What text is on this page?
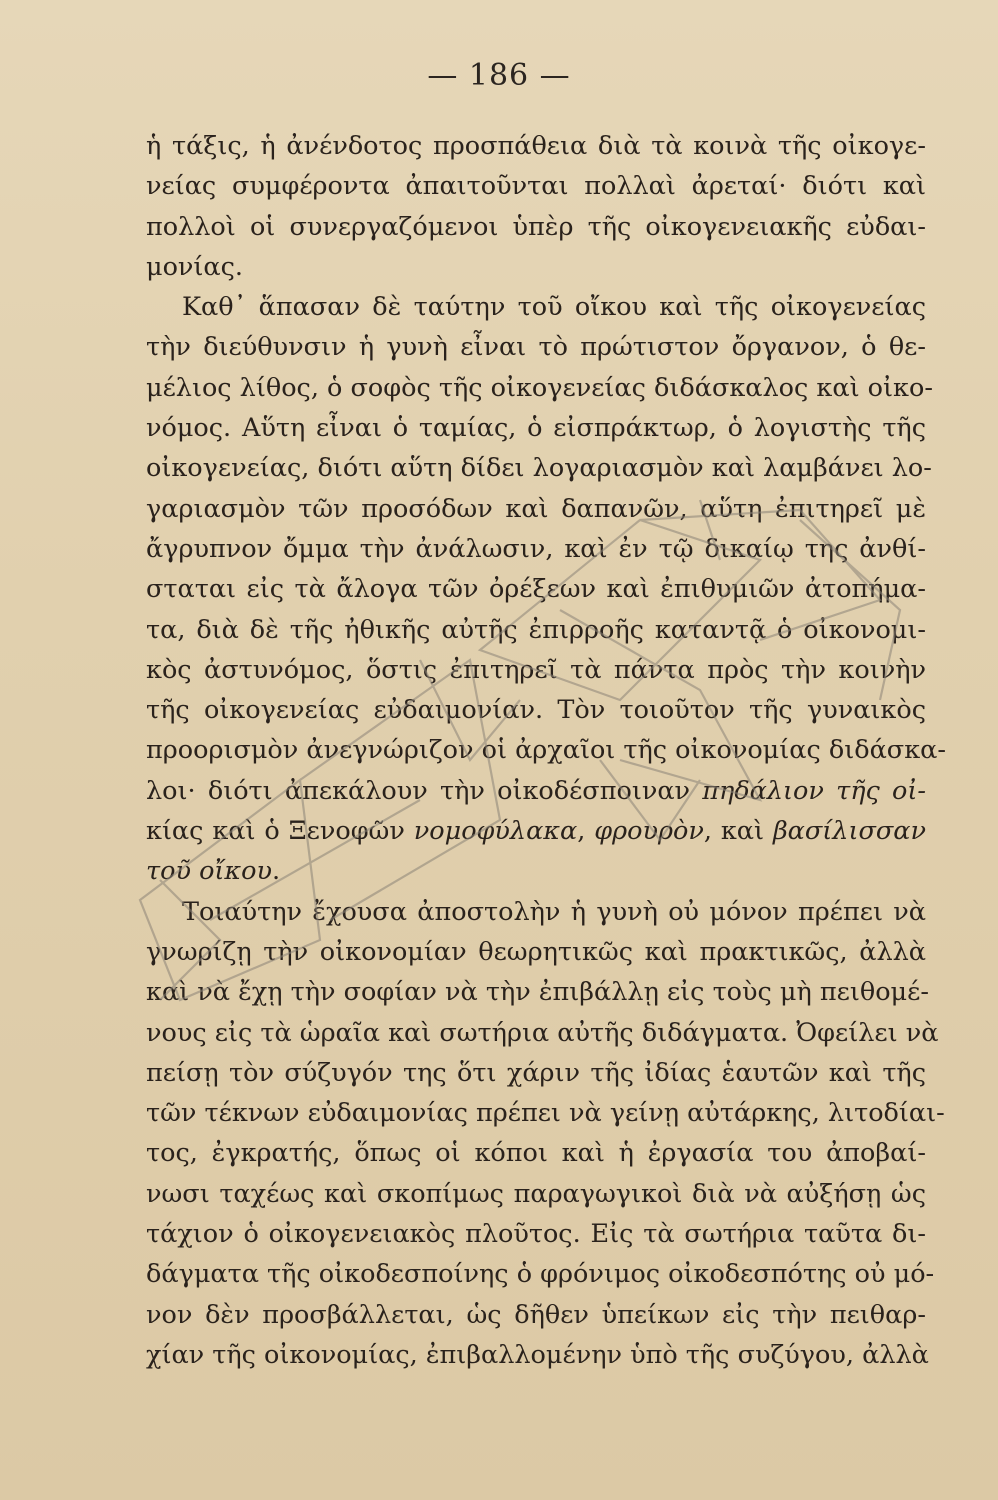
— 186 —
ἡ τάξις, ἡ ἀνένδοτος προσπάθεια διὰ τὰ κοινὰ τῆς οἰκογε-
νείας συμφέροντα ἀπαιτοῦνται πολλαὶ ἀρεταί· διότι καὶ
πολλοὶ οἱ συνεργαζόμενοι ὑπὲρ τῆς οἰκογενειακῆς εὐδαι-
μονίας.
Καθ᾽ ἅπασαν δὲ ταύτην τοῦ οἴκου καὶ τῆς οἰκογενείας
τὴν διεύθυνσιν ἡ γυνὴ εἶναι τὸ πρώτιστον ὄργανον, ὁ θε-
μέλιος λίθος, ὁ σοφὸς τῆς οἰκογενείας διδάσκαλος καὶ οἰκο-
νόμος. Αὕτη εἶναι ὁ ταμίας, ὁ εἰσπράκτωρ, ὁ λογιστὴς τῆς
οἰκογενείας, διότι αὕτη δίδει λογαριασμὸν καὶ λαμβάνει λο-
γαριασμὸν τῶν προσόδων καὶ δαπανῶν, αὕτη ἐπιτηρεῖ μὲ
ἄγρυπνον ὄμμα τὴν ἀνάλωσιν, καὶ ἐν τῷ δικαίῳ της ἀνθί-
σταται εἰς τὰ ἄλογα τῶν ὀρέξεων καὶ ἐπιθυμιῶν ἀτοπήμα-
τα, διὰ δὲ τῆς ἠθικῆς αὐτῆς ἐπιρροῆς καταντᾷ ὁ οἰκονομι-
κὸς ἀστυνόμος, ὅστις ἐπιτηρεῖ τὰ πάντα πρὸς τὴν κοινὴν
τῆς οἰκογενείας εὐδαιμονίαν. Τὸν τοιοῦτον τῆς γυναικὸς
προορισμὸν ἀνεγνώριζον οἱ ἀρχαῖοι τῆς οἰκονομίας διδάσκα-
λοι· διότι ἀπεκάλουν τὴν οἰκοδέσποιναν πηδάλιον τῆς οἰ-
κίας καὶ ὁ Ξενοφῶν νομοφύλακα, φρουρὸν, καὶ βασίλισσαν
τοῦ οἴκου.
Τοιαύτην ἔχουσα ἀποστολὴν ἡ γυνὴ οὐ μόνον πρέπει νὰ
γνωρίζῃ τὴν οἰκονομίαν θεωρητικῶς καὶ πρακτικῶς, ἀλλὰ
καὶ νὰ ἔχῃ τὴν σοφίαν νὰ τὴν ἐπιβάλλῃ εἰς τοὺς μὴ πειθομέ-
νους εἰς τὰ ὡραῖα καὶ σωτήρια αὐτῆς διδάγματα. Ὀφείλει νὰ
πείσῃ τὸν σύζυγόν της ὅτι χάριν τῆς ἰδίας ἑαυτῶν καὶ τῆς
τῶν τέκνων εὐδαιμονίας πρέπει νὰ γείνῃ αὐτάρκης, λιτοδίαι-
τος, ἐγκρατής, ὅπως οἱ κόποι καὶ ἡ ἐργασία του ἀποβαί-
νωσι ταχέως καὶ σκοπίμως παραγωγικοὶ διὰ νὰ αὐξήσῃ ὡς
τάχιον ὁ οἰκογενειακὸς πλοῦτος. Εἰς τὰ σωτήρια ταῦτα δι-
δάγματα τῆς οἰκοδεσποίνης ὁ φρόνιμος οἰκοδεσπότης οὐ μό-
νον δὲν προσβάλλεται, ὡς δῆθεν ὑπείκων εἰς τὴν πειθαρ-
χίαν τῆς οἰκονομίας, ἐπιβαλλομένην ὑπὸ τῆς συζύγου, ἀλλὰ
